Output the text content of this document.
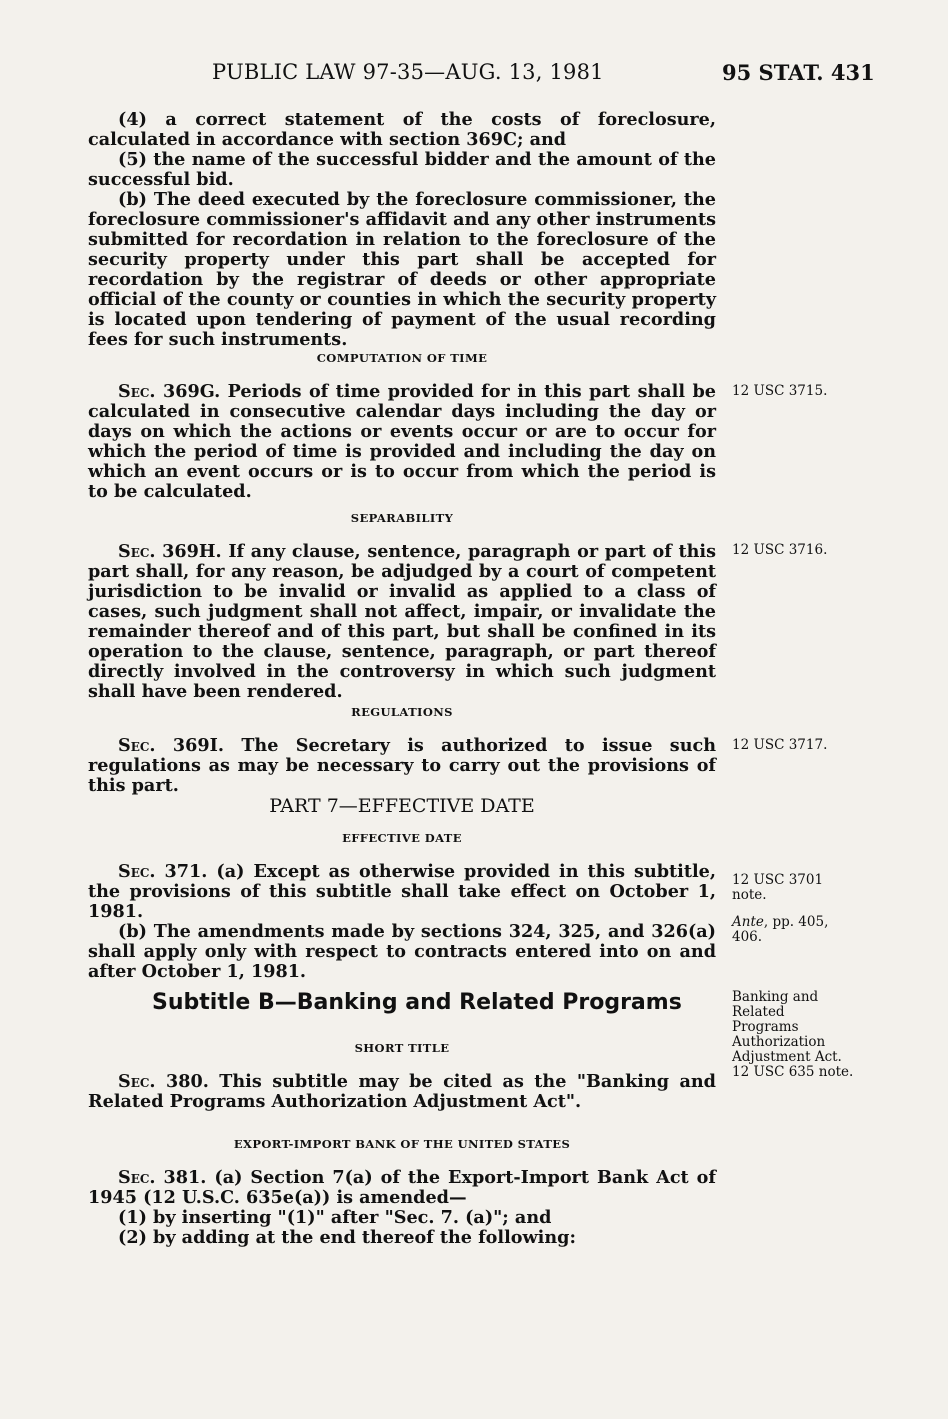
PUBLIC LAW 97-35—AUG. 13, 1981	95 STAT. 431

(4) a correct statement of the costs of foreclosure, calculated in accordance with section 369C; and

(5) the name of the successful bidder and the amount of the successful bid.

(b) The deed executed by the foreclosure commissioner, the foreclosure commissioner's affidavit and any other instruments submitted for recordation in relation to the foreclosure of the security property under this part shall be accepted for recordation by the registrar of deeds or other appropriate official of the county or counties in which the security property is located upon tendering of payment of the usual recording fees for such instruments.

COMPUTATION OF TIME

Sec. 369G. Periods of time provided for in this part shall be calculated in consecutive calendar days including the day or days on which the actions or events occur or are to occur for which the period of time is provided and including the day on which an event occurs or is to occur from which the period is to be calculated.

12 USC 3715.

SEPARABILITY

Sec. 369H. If any clause, sentence, paragraph or part of this part shall, for any reason, be adjudged by a court of competent jurisdiction to be invalid or invalid as applied to a class of cases, such judgment shall not affect, impair, or invalidate the remainder thereof and of this part, but shall be confined in its operation to the clause, sentence, paragraph, or part thereof directly involved in the controversy in which such judgment shall have been rendered.

12 USC 3716.

REGULATIONS

Sec. 369I. The Secretary is authorized to issue such regulations as may be necessary to carry out the provisions of this part.

12 USC 3717.

PART 7—EFFECTIVE DATE

EFFECTIVE DATE

Sec. 371. (a) Except as otherwise provided in this subtitle, the provisions of this subtitle shall take effect on October 1, 1981.

(b) The amendments made by sections 324, 325, and 326(a) shall apply only with respect to contracts entered into on and after October 1, 1981.

12 USC 3701
note.
Ante, pp. 405,
406.
Subtitle B—Banking and Related Programs	Banking and
Related
Programs
Authorization
Adjustment Act.
12 USC 635 note.

SHORT TITLE

Sec. 380. This subtitle may be cited as the "Banking and Related Programs Authorization Adjustment Act".

EXPORT-IMPORT BANK OF THE UNITED STATES

Sec. 381. (a) Section 7(a) of the Export-Import Bank Act of 1945 (12 U.S.C. 635e(a)) is amended—

(1) by inserting "(1)" after "Sec. 7. (a)"; and

(2) by adding at the end thereof the following:
